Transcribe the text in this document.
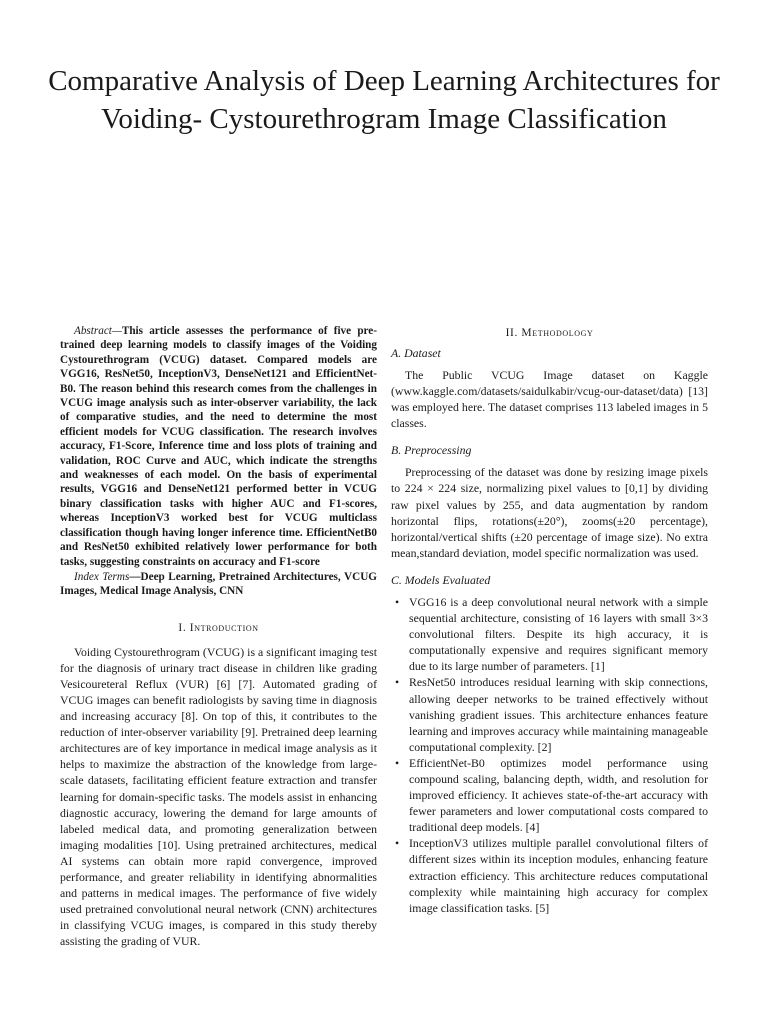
Comparative Analysis of Deep Learning Architectures for Voiding- Cystourethrogram Image Classification

Abstract—This article assesses the performance of five pre-trained deep learning models to classify images of the Voiding Cystourethrogram (VCUG) dataset. Compared models are VGG16, ResNet50, InceptionV3, DenseNet121 and EfficientNet-B0. The reason behind this research comes from the challenges in VCUG image analysis such as inter-observer variability, the lack of comparative studies, and the need to determine the most efficient models for VCUG classification. The research involves accuracy, F1-Score, Inference time and loss plots of training and validation, ROC Curve and AUC, which indicate the strengths and weaknesses of each model. On the basis of experimental results, VGG16 and DenseNet121 performed better in VCUG binary classification tasks with higher AUC and F1-scores, whereas InceptionV3 worked best for VCUG multiclass classification though having longer inference time. EfficientNetB0 and ResNet50 exhibited relatively lower performance for both tasks, suggesting constraints on accuracy and F1-score

Index Terms—Deep Learning, Pretrained Architectures, VCUG Images, Medical Image Analysis, CNN

I. Introduction

Voiding Cystourethrogram (VCUG) is a significant imaging test for the diagnosis of urinary tract disease in children like grading Vesicoureteral Reflux (VUR) [6] [7]. Automated grading of VCUG images can benefit radiologists by saving time in diagnosis and increasing accuracy [8]. On top of this, it contributes to the reduction of inter-observer variability [9]. Pretrained deep learning architectures are of key importance in medical image analysis as it helps to maximize the abstraction of the knowledge from large-scale datasets, facilitating efficient feature extraction and transfer learning for domain-specific tasks. The models assist in enhancing diagnostic accuracy, lowering the demand for large amounts of labeled medical data, and promoting generalization between imaging modalities [10]. Using pretrained architectures, medical AI systems can obtain more rapid convergence, improved performance, and greater reliability in identifying abnormalities and patterns in medical images. The performance of five widely used pretrained convolutional neural network (CNN) architectures in classifying VCUG images, is compared in this study thereby assisting the grading of VUR.

II. Methodology
A. Dataset

The Public VCUG Image dataset on Kaggle (www.kaggle.com/datasets/saidulkabir/vcug-our-dataset/data) [13] was employed here. The dataset comprises 113 labeled images in 5 classes.

B. Preprocessing

Preprocessing of the dataset was done by resizing image pixels to 224 × 224 size, normalizing pixel values to [0,1] by dividing raw pixel values by 255, and data augmentation by random horizontal flips, rotations(±20°), zooms(±20 percentage), horizontal/vertical shifts (±20 percentage of image size). No extra mean,standard deviation, model specific normalization was used.

C. Models Evaluated
• VGG16 is a deep convolutional neural network with a simple sequential architecture, consisting of 16 layers with small 3×3 convolutional filters. Despite its high accuracy, it is computationally expensive and requires significant memory due to its large number of parameters. [1]
• ResNet50 introduces residual learning with skip connections, allowing deeper networks to be trained effectively without vanishing gradient issues. This architecture enhances feature learning and improves accuracy while maintaining manageable computational complexity. [2]
• EfficientNet-B0 optimizes model performance using compound scaling, balancing depth, width, and resolution for improved efficiency. It achieves state-of-the-art accuracy with fewer parameters and lower computational costs compared to traditional deep models. [4]
• InceptionV3 utilizes multiple parallel convolutional filters of different sizes within its inception modules, enhancing feature extraction efficiency. This architecture reduces computational complexity while maintaining high accuracy for complex image classification tasks. [5]
